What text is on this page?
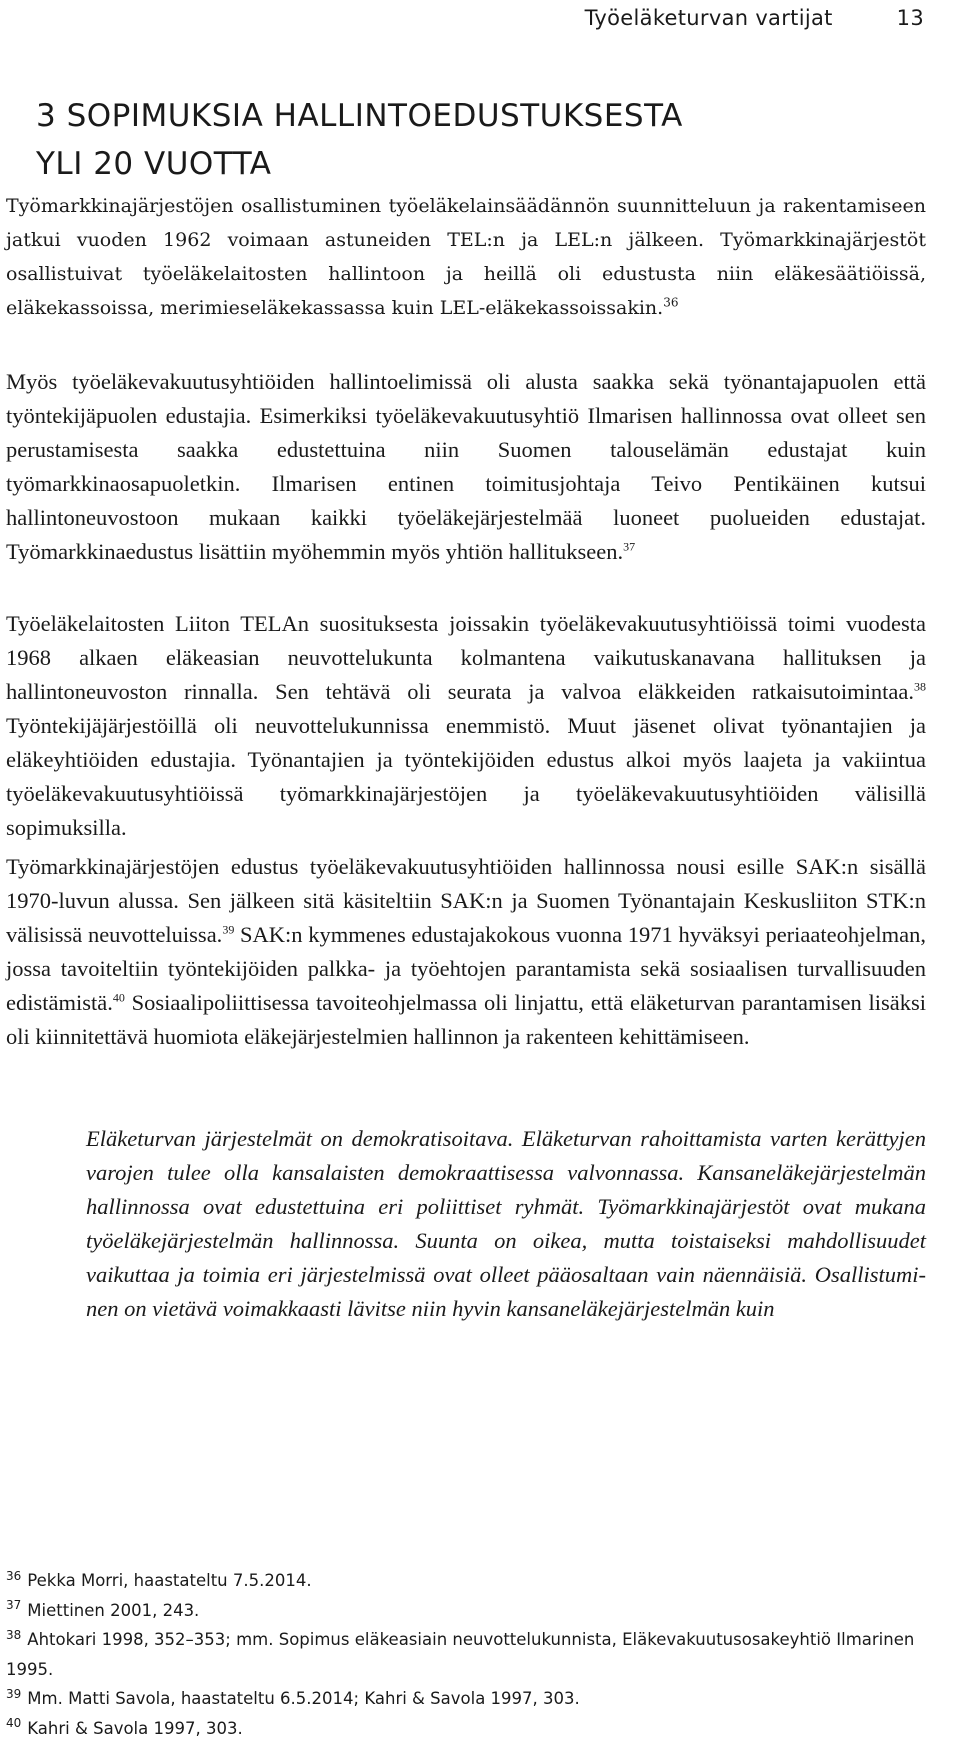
Työeläketurvan vartijat	13
3 SOPIMUKSIA HALLINTOEDUSTUKSESTA
YLI 20 VUOTTA

Työmarkkinajärjestöjen osallistuminen työeläkelainsäädännön suunnitteluun ja rakentamiseen jatkui vuoden 1962 voimaan astuneiden TEL:n ja LEL:n jälkeen. Työmarkkinajärjestöt osallistuivat työeläkelaitosten hallintoon ja heillä oli edustusta niin eläkesäätiöissä, eläkekassoissa, merimieseläkekassassa kuin LEL-eläkekassoissakin.$^{36}$

Myös työeläkevakuutusyhtiöiden hallintoelimissä oli alusta saakka sekä työnantajapuolen että työntekijäpuolen edustajia. Esimerkiksi työeläkevakuutusyhtiö Ilmarisen hallinnossa ovat olleet sen perustamisesta saakka edustettuina niin Suomen talouselämän edustajat kuin työmarkkinaosapuoletkin. Ilmarisen entinen toimitusjohtaja Teivo Pentikäinen kutsui hallintoneuvostoon mukaan kaikki työeläkejärjestelmää luoneet puolueiden edustajat. Työmarkkinaedustus lisättiin myöhemmin myös yhtiön hallitukseen.$^{37}$

Työeläkelaitosten Liiton TELAn suosituksesta joissakin työeläkevakuutusyhtiöissä toimi vuodesta 1968 alkaen eläkeasian neuvottelukunta kolmantena vaikutuskanavana hallituksen ja hallintoneuvoston rinnalla. Sen tehtävä oli seurata ja valvoa eläkkeiden ratkaisutoimintaa.$^{38}$ Työntekijäjärjestöillä oli neuvottelukunnissa enemmistö. Muut jäsenet olivat työnantajien ja eläkeyhtiöiden edustajia. Työnantajien ja työntekijöiden edustus alkoi myös laajeta ja vakiintua työeläkevakuutusyhtiöissä työmarkkinajärjestöjen ja työeläkevakuutusyhtiöiden välisillä sopimuksilla.

Työmarkkinajärjestöjen edustus työeläkevakuutusyhtiöiden hallinnossa nousi esille SAK:n sisällä 1970-luvun alussa. Sen jälkeen sitä käsiteltiin SAK:n ja Suomen Työnantajain Keskusliiton STK:n välisissä neuvotteluissa.$^{39}$ SAK:n kymmenes edustajakokous vuonna 1971 hyväksyi periaateohjelman, jossa tavoiteltiin työntekijöiden palkka- ja työehtojen parantamista sekä sosiaalisen turvallisuuden edistämistä.$^{40}$ Sosiaalipoliittisessa tavoiteohjelmassa oli linjattu, että eläketurvan parantamisen lisäksi oli kiinnitettävä huomiota eläkejärjestelmien hallinnon ja rakenteen kehittämiseen.

Eläketurvan järjestelmät on demokratisoitava. Eläketurvan rahoittamista varten kerättyjen varojen tulee olla kansalaisten demokraattisessa valvonnassa. Kansaneläkejärjestelmän hallinnossa ovat edustettuina eri poliittiset ryhmät. Työmarkkinajärjestöt ovat mukana työeläkejärjestelmän hallinnossa. Suunta on oikea, mutta toistaiseksi mahdollisuudet vaikuttaa ja toimia eri järjestelmissä ovat olleet pääosaltaan vain näennäisiä. Osallistuminen on vietävä voimakkaasti lävitse niin hyvin kansaneläkejärjestelmän kuin

$^{36}$ Pekka Morri, haastateltu 7.5.2014.

$^{37}$ Miettinen 2001, 243.

$^{38}$ Ahtokari 1998, 352–353; mm. Sopimus eläkeasiain neuvottelukunnista, Eläkevakuutusosakeyhtiö Ilmarinen 1995.

$^{39}$ Mm. Matti Savola, haastateltu 6.5.2014; Kahri & Savola 1997, 303.

$^{40}$ Kahri & Savola 1997, 303.
